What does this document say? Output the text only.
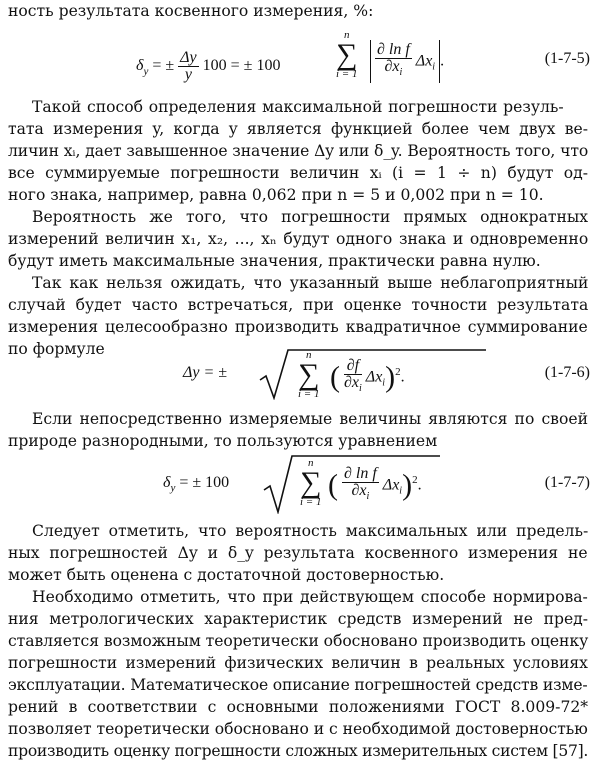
ность результата косвенного измерения, %:
$\delta_y$ = ± $\frac{\Delta y}{y} 100$ = ± 100
n
∑
$i = 1 \frac{\text{∂ ln f}}{\partial x_i} \Delta x_i$ .	(1-7-5)
Такой способ определения максимальной погрешности резуль-
тата измерения y, когда y является функцией более чем двух ве-
личин xᵢ, дает завышенное значение Δy или δ_y. Вероятность того, что
все суммируемые погрешности величин xᵢ (i = 1 ÷ n) будут од-
ного знака, например, равна 0,062 при n = 5 и 0,002 при n = 10.
Вероятность же того, что погрешности прямых однократных
измерений величин x₁, x₂, ..., xₙ будут одного знака и одновременно
будут иметь максимальные значения, практически равна нулю.
Так как нельзя ожидать, что указанный выше неблагоприятный
случай будет часто встречаться, при оценке точности результата
измерения целесообразно производить квадратичное суммирование
по формуле
Δy = ±
n
∑
i = 1
( $\frac{\partial f}{\partial x_i} \Delta x_i)^2$.	(1-7-6)
Если непосредственно измеряемые величины являются по своей
природе разнородными, то пользуются уравнением
$\delta_y$ = ± 100
n
∑
i = 1
( $\frac{\text{∂ ln f}}{\partial x_i} \Delta x_i)^2$.	(1-7-7)
Следует отметить, что вероятность максимальных или предель-
ных погрешностей Δy и δ_y результата косвенного измерения не
может быть оценена с достаточной достоверностью.
Необходимо отметить, что при действующем способе нормирова-
ния метрологических характеристик средств измерений не пред-
ставляется возможным теоретически обосновано производить оценку
погрешности измерений физических величин в реальных условиях
эксплуатации. Математическое описание погрешностей средств изме-
рений в соответствии с основными положениями ГОСТ 8.009-72*
позволяет теоретически обосновано и с необходимой достоверностью
производить оценку погрешности сложных измерительных систем [57].
